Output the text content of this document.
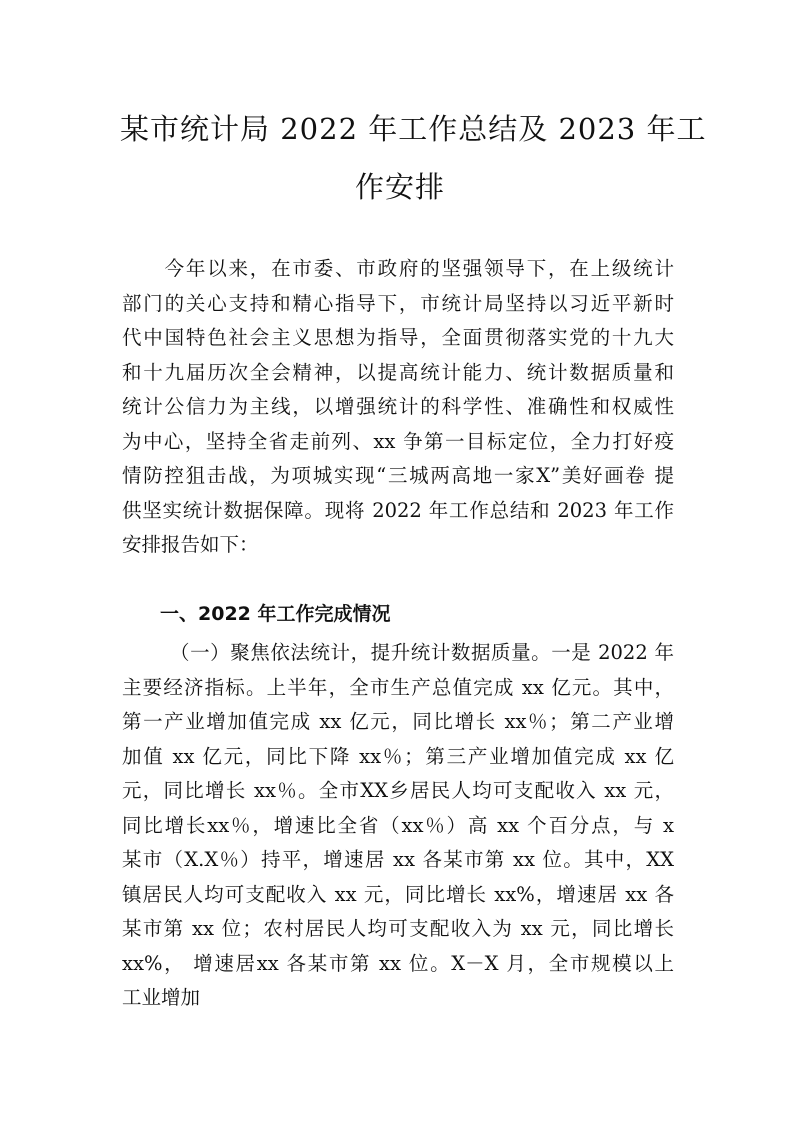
某市统计局 2022 年工作总结及 2023 年工
作安排
　　今年以来，在市委、市政府的坚强领导下，在上级统计
部门的关心支持和精心指导下，市统计局坚持以习近平新时
代中国特色社会主义思想为指导，全面贯彻落实党的十九大
和十九届历次全会精神，以提高统计能力、统计数据质量和
统计公信力为主线，以增强统计的科学性、准确性和权威性
为中心，坚持全省走前列、xx 争第一目标定位，全力打好疫
情防控狙击战，为项城实现“三城两高地一家X”美好画卷 提
供坚实统计数据保障。现将 2022 年工作总结和 2023 年工作
安排报告如下：
一、2022 年工作完成情况
（一）聚焦依法统计，提升统计数据质量。一是 2022 年
主要经济指标。上半年，全市生产总值完成 xx 亿元。其中，
第一产业增加值完成 xx 亿元，同比增长 xx％；第二产业增
加值 xx 亿元，同比下降 xx％；第三产业增加值完成 xx 亿
元，同比增长 xx％。全市XX乡居民人均可支配收入 xx 元，
同比增长xx％，增速比全省（xx％）高 xx 个百分点，与 x
某市（X.X％）持平，增速居 xx 各某市第 xx 位。其中，XX
镇居民人均可支配收入 xx 元，同比增长 xx%，增速居 xx 各
某市第 xx 位；农村居民人均可支配收入为 xx 元，同比增长
xx%， 增速居xx 各某市第 xx 位。X－X 月，全市规模以上
工业增加
